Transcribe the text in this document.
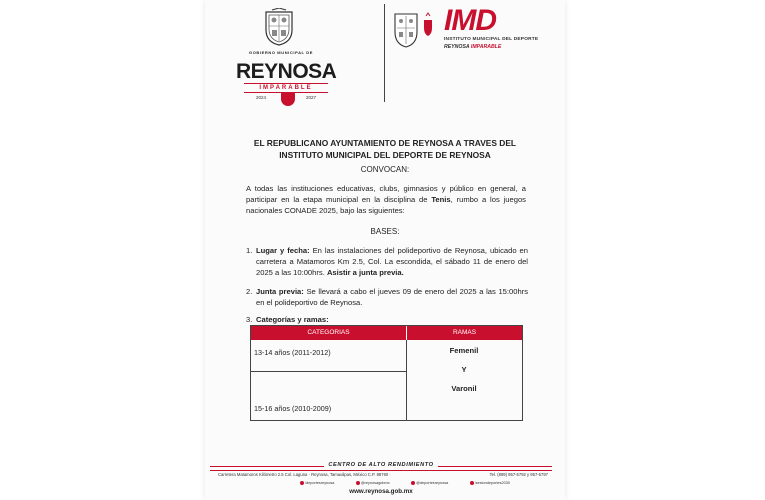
GOBIERNO MUNICIPAL DE
REYNOSA
IMPARABLE
2024	2027
IMD
INSTITUTO MUNICIPAL DEL DEPORTE
REYNOSA IMPARABLE
EL REPUBLICANO AYUNTAMIENTO DE REYNOSA A TRAVES DEL
INSTITUTO MUNICIPAL DEL DEPORTE DE REYNOSA
CONVOCAN:
A todas las instituciones educativas, clubs, gimnasios y público en general, a participar en la etapa municipal en la disciplina de Tenis, rumbo a los juegos nacionales CONADE 2025, bajo las siguientes:
BASES:
1. Lugar y fecha: En las instalaciones del polideportivo de Reynosa, ubicado en carretera a Matamoros Km 2.5, Col. La escondida, el sábado 11 de enero del 2025 a las 10:00hrs. Asistir a junta previa.
2. Junta previa: Se llevará a cabo el jueves 09 de enero del 2025 a las 15:00hrs en el polideportivo de Reynosa.
3. Categorías y ramas:
CATEGORIAS	RAMAS
13-14 años (2011-2012)
15-16 años (2010-2009)
Femenil
Y
Varonil
CENTRO DE ALTO RENDIMIENTO
Carretera Matamoros Kilómetro 2.5 Col. Laguna · Reynosa, Tamaulipas, México C.P. 88760 ·	Tel. (899) 957-5792 y 957-5797
/deportesreynosa	@reynosagobmx	@deportesreynosa	/sesiondeportes2030
www.reynosa.gob.mx
